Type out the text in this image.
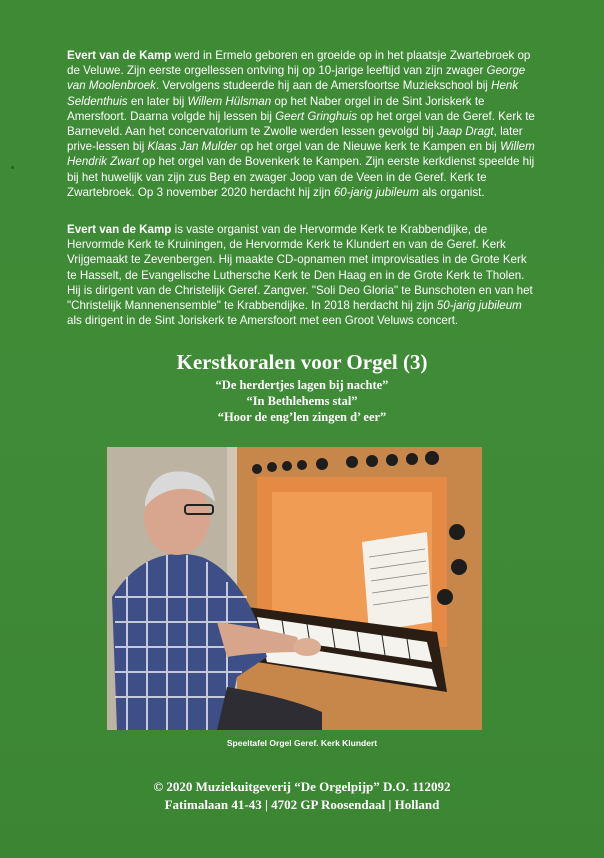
Evert van de Kamp werd in Ermelo geboren en groeide op in het plaatsje Zwartebroek op de Veluwe. Zijn eerste orgellessen ontving hij op 10-jarige leeftijd van zijn zwager George van Moolenbroek. Vervolgens studeerde hij aan de Amersfoortse Muziekschool bij Henk Seldenthuis en later bij Willem Hülsman op het Naber orgel in de Sint Joriskerk te Amersfoort. Daarna volgde hij lessen bij Geert Gringhuis op het orgel van de Geref. Kerk te Barneveld. Aan het concervatorium te Zwolle werden lessen gevolgd bij Jaap Dragt, later prive-lessen bij Klaas Jan Mulder op het orgel van de Nieuwe kerk te Kampen en bij Willem Hendrik Zwart op het orgel van de Bovenkerk te Kampen. Zijn eerste kerkdienst speelde hij bij het huwelijk van zijn zus Bep en zwager Joop van de Veen in de Geref. Kerk te Zwartebroek. Op 3 november 2020 herdacht hij zijn 60-jarig jubileum als organist.

Evert van de Kamp is vaste organist van de Hervormde Kerk te Krabbendijke, de Hervormde Kerk te Kruiningen, de Hervormde Kerk te Klundert en van de Geref. Kerk Vrijgemaakt te Zevenbergen. Hij maakte CD-opnamen met improvisaties in de Grote Kerk te Hasselt, de Evangelische Luthersche Kerk te Den Haag en in de Grote Kerk te Tholen. Hij is dirigent van de Christelijk Geref. Zangver. "Soli Deo Gloria" te Bunschoten en van het "Christelijk Mannenensemble" te Krabbendijke. In 2018 herdacht hij zijn 50-jarig jubileum als dirigent in de Sint Joriskerk te Amersfoort met een Groot Veluws concert.

Kerstkoralen voor Orgel (3)
“De herdertjes lagen bij nachte”
“In Bethlehems stal”
“Hoor de eng’len zingen d’ eer”
Speeltafel Orgel Geref. Kerk Klundert
© 2020 Muziekuitgeverij “De Orgelpijp” D.O. 112092
Fatimalaan 41-43 | 4702 GP Roosendaal | Holland
